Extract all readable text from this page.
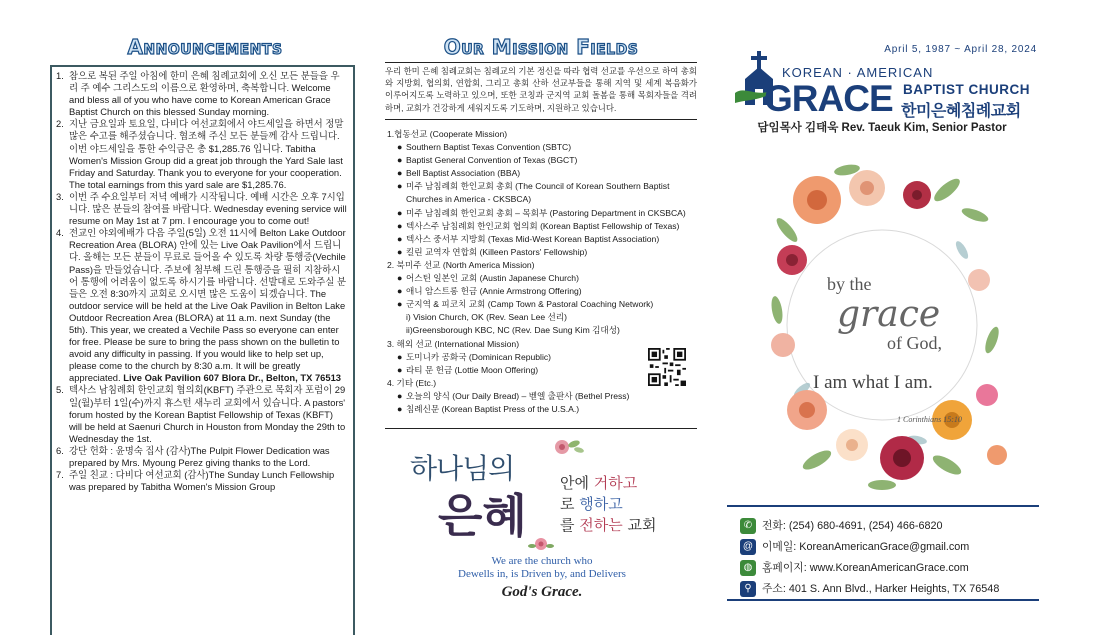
Announcements
1. 참으로 복된 주일 아침에 한미 은혜 침례교회에 오신 모든 분들을 우리 주 예수 그리스도의 이름으로 환영하며, 축복합니다. Welcome and bless all of you who have come to Korean American Grace Baptist Church on this blessed Sunday morning.
2. 지난 금요일과 토요일, 다비다 여선교회에서 야드세일을 하면서 정말 많은 수고를 해주셨습니다. 협조해 주신 모든 분들께 감사 드립니다. 이번 야드세일을 통한 수익금은 총 $1,285.76 입니다. Tabitha Women's Mission Group did a great job through the Yard Sale last Friday and Saturday. Thank you to everyone for your cooperation. The total earnings from this yard sale are $1,285.76.
3. 이번 주 수요일부터 저녁 예배가 시작됩니다. 예배 시간은 오후 7시입니다. 많은 분들의 참여를 바랍니다. Wednesday evening service will resume on May 1st at 7 pm. I encourage you to come out!
4. 전교인 야외예배가 다음 주일(5일) 오전 11시에 Belton Lake Outdoor Recreation Area (BLORA) 안에 있는 Live Oak Pavilion에서 드립니다. 올해는 모든 분들이 무료로 들어올 수 있도록 차량 통행증(Vechile Pass)을 만들었습니다. 주보에 첨부해 드린 통행증을 필히 지참하시어 통행에 어려움이 없도록 하시기를 바랍니다. 선발대로 도와주실 분들은 오전 8:30까지 교회로 오시면 많은 도움이 되겠습니다. The outdoor service will be held at the Live Oak Pavilion in Belton Lake Outdoor Recreation Area (BLORA) at 11 a.m. next Sunday (the 5th). This year, we created a Vechile Pass so everyone can enter for free. Please be sure to bring the pass shown on the bulletin to avoid any difficulty in passing. If you would like to help set up, please come to the church by 8:30 a.m. It will be greatly appreciated. Live Oak Pavilion 607 Blora Dr., Belton, TX 76513
5. 텍사스 남침례회 한인교회 협의회(KBFT) 주관으로 목회자 포럼이 29일(월)부터 1일(수)까지 휴스턴 새누리 교회에서 있습니다. A pastors' forum hosted by the Korean Baptist Fellowship of Texas (KBFT) will be held at Saenuri Church in Houston from Monday the 29th to Wednesday the 1st.
6. 강단 헌화 : 윤명숙 집사 (감사)The Pulpit Flower Dedication was prepared by Mrs. Myoung Perez giving thanks to the Lord.
7. 주일 친교 : 다비다 여선교회 (감사)The Sunday Lunch Fellowship was prepared by Tabitha Women's Mission Group
Our Mission Fields

우리 한미 은혜 침례교회는 침례교의 기본 정신을 따라 협력 선교를 우선으로 하여 총회와 지방회, 협의회, 연합회, 그리고 총회 산하 선교부들을 통해 지역 및 세계 복음화가 이루어지도록 노력하고 있으며, 또한 코칭과 군지역 교회 돌봄을 통해 목회자들을 격려하며, 교회가 건강하게 세워지도록 기도하며, 지원하고 있습니다.

1.협동선교 (Cooperate Mission)
● Southern Baptist Texas Convention (SBTC)
● Baptist General Convention of Texas (BGCT)
● Bell Baptist Association (BBA)
● 미주 남침례회 한인교회 총회 (The Council of Korean Southern Baptist Churches in America - CKSBCA)
● 미주 남침례회 한인교회 총회 – 목회부 (Pastoring Department in CKSBCA)
● 텍사스주 남침례회 한인교회 협의회 (Korean Baptist Fellowship of Texas)
● 텍사스 중서부 지방회 (Texas Mid-West Korean Baptist Association)
● 킬린 교역자 연합회 (Killeen Pastors' Fellowship)
2. 북미주 선교 (North America Mission)
● 어스틴 일본인 교회 (Austin Japanese Church)
● 애니 암스트롱 헌금 (Annie Armstrong Offering)
● 군지역 & 피코치 교회 (Camp Town & Pastoral Coaching Network)
i) Vision Church, OK (Rev. Sean Lee 선리)
ii)Greensborough KBC, NC (Rev. Dae Sung Kim 김대성)
3. 해외 선교 (International Mission)
● 도미니카 공화국 (Dominican Republic)
● 라티 문 헌금 (Lottie Moon Offering)
4. 기타 (Etc.)
● 오늘의 양식 (Our Daily Bread) – 벧엘 출판사 (Bethel Press)
● 침례신문 (Korean Baptist Press of the U.S.A.)
하나님의
은혜
안에 거하고
로 행하고
를 전하는 교회
We are the church who
Dewells in, is Driven by, and Delivers
God's Grace.
April 5, 1987 ~ April 28, 2024
KOREAN · AMERICAN
GRACE BAPTIST CHURCH
한미은혜침례교회
담임목사 김태욱 Rev. Taeuk Kim, Senior Pastor
by the
grace
of God,
I am what I am.
1 Corinthians 15:10
✆ 전화: (254) 680-4691, (254) 466-6820
@ 이메일: KoreanAmericanGrace@gmail.com
◍ 홈페이지: www.KoreanAmericanGrace.com
⚲ 주소: 401 S. Ann Blvd., Harker Heights, TX 76548
